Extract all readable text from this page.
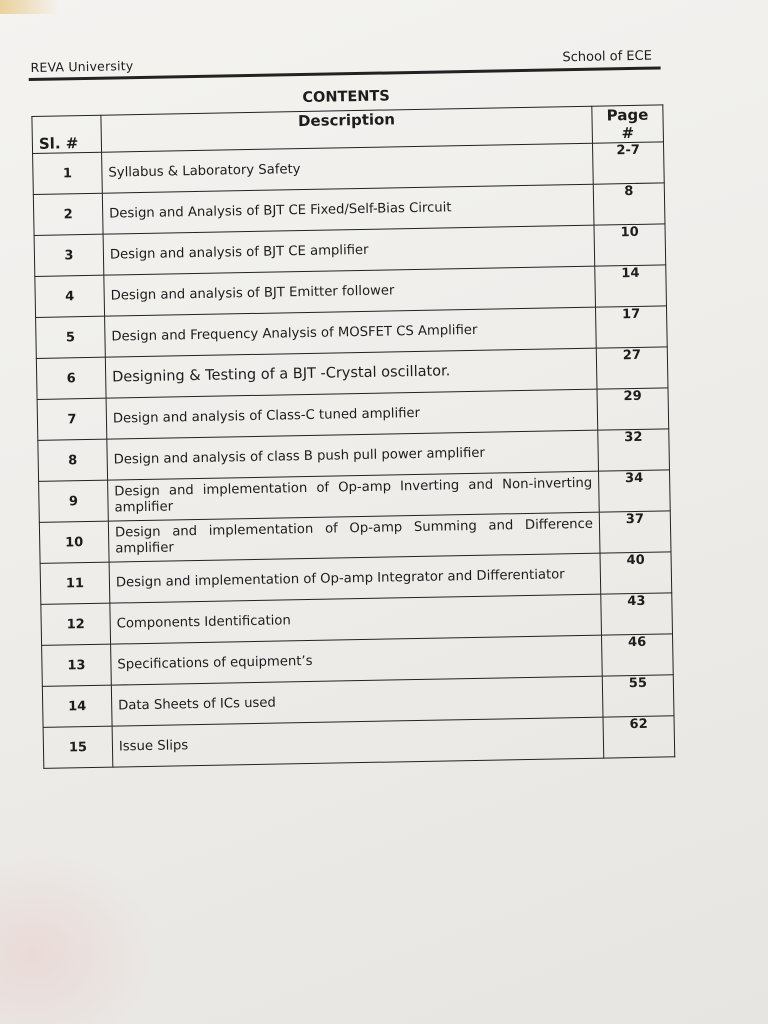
REVA University
School of ECE
CONTENTS
Sl. #	Description	Page #
1	Syllabus & Laboratory Safety	2-7
2	Design and Analysis of BJT CE Fixed/Self-Bias Circuit	8
3	Design and analysis of BJT CE amplifier	10
4	Design and analysis of BJT Emitter follower	14
5	Design and Frequency Analysis of MOSFET CS Amplifier	17
6	Designing & Testing of a BJT -Crystal oscillator.	27
7	Design and analysis of Class-C tuned amplifier	29
8	Design and analysis of class B push pull power amplifier	32
9	Design and implementation of Op-amp Inverting and Non-inverting amplifier	34
10	Design and implementation of Op-amp Summing and Difference amplifier	37
11	Design and implementation of Op-amp Integrator and Differentiator	40
12	Components Identification	43
13	Specifications of equipment’s	46
14	Data Sheets of ICs used	55
15	Issue Slips	62
